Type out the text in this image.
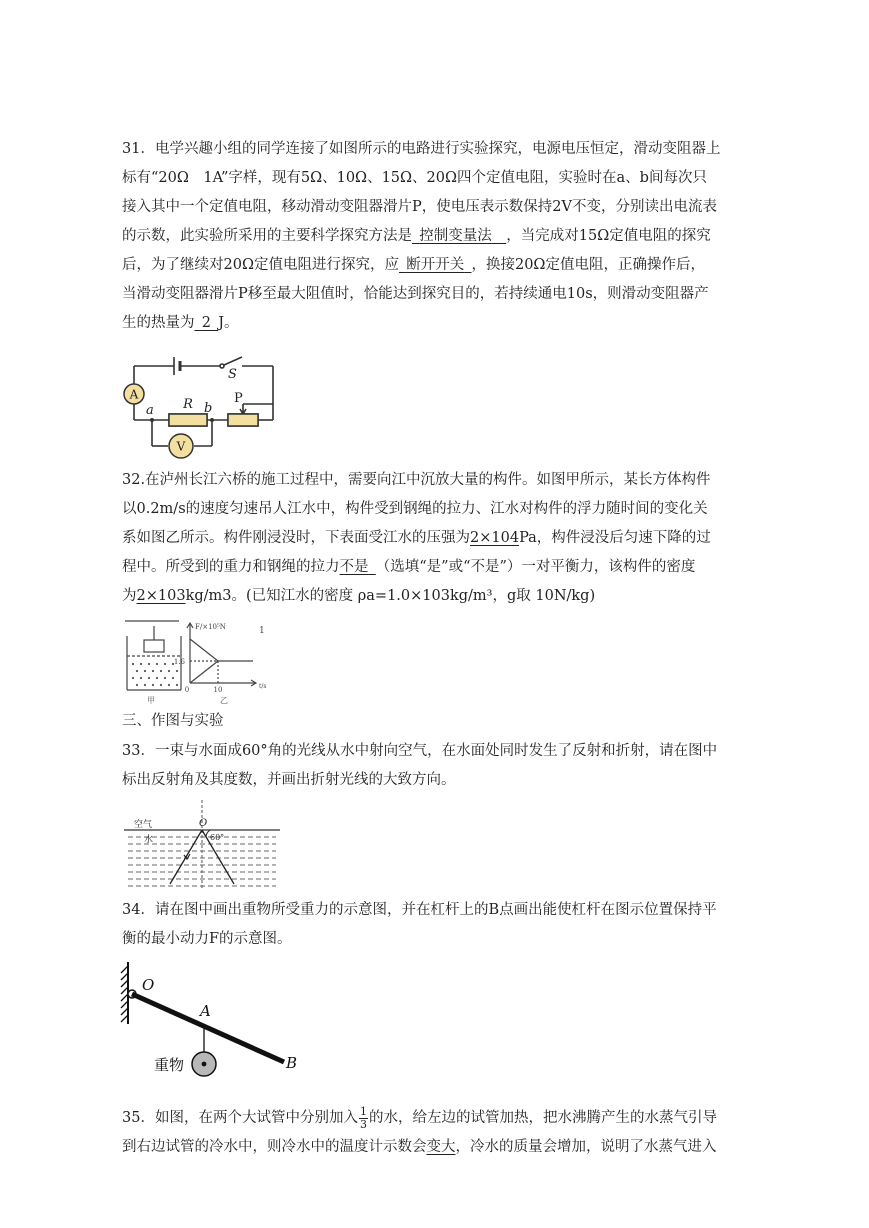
31．电学兴趣小组的同学连接了如图所示的电路进行实验探究，电源电压恒定，滑动变阻器上
标有“20Ω　1A”字样，现有5Ω、10Ω、15Ω、20Ω四个定值电阻，实验时在a、b间每次只
接入其中一个定值电阻，移动滑动变阻器滑片P，使电压表示数保持2V不变，分别读出电流表
的示数，此实验所采用的主要科学探究方法是  控制变量法  ，当完成对15Ω定值电阻的探究
后，为了继续对20Ω定值电阻进行探究，应  断开开关  ，换接20Ω定值电阻，正确操作后，
当滑动变阻器滑片P移至最大阻值时，恰能达到探究目的，若持续通电10s，则滑动变阻器产
生的热量为  2  J。
A
V
R
S
P
a	b
32.在泸州长江六桥的施工过程中，需要向江中沉放大量的构件。如图甲所示，某长方体构件
以0.2m/s的速度匀速吊人江水中，构件受到钢绳的拉力、江水对构件的浮力随时间的变化关
系如图乙所示。构件刚浸没时，下表面受江水的压强为2×104Pa，构件浸没后匀速下降的过
程中。所受到的重力和钢绳的拉力不是  （选填“是”或“不是”）一对平衡力，该构件的密度
为2×103kg/m3。(已知江水的密度 ρa=1.0×103kg/m³，g取 10N/kg)
甲
F/×10⁵N	1
1.6
0	10	t/s
乙
三、作图与实验
33．一束与水面成60°角的光线从水中射向空气，在水面处同时发生了反射和折射，请在图中
标出反射角及其度数，并画出折射光线的大致方向。
空气
水
O
60°
34．请在图中画出重物所受重力的示意图，并在杠杆上的B点画出能使杠杆在图示位置保持平
衡的最小动力F的示意图。
O
A
B
重物
35．如图，在两个大试管中分别加入 $\frac{1}{3}$ 的水，给左边的试管加热，把水沸腾产生的水蒸气引导
到右边试管的冷水中，则冷水中的温度计示数会变大，冷水的质量会增加，说明了水蒸气进入
